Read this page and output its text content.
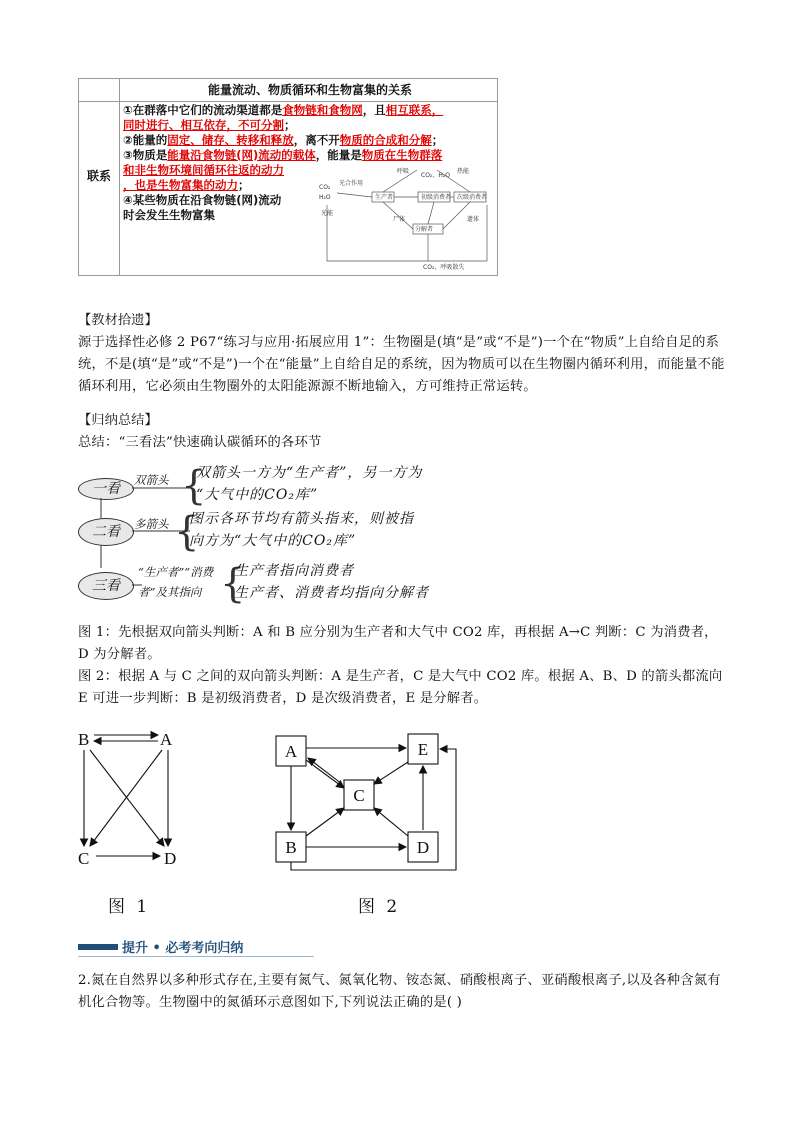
能量流动、物质循环和生物富集的关系
联系
①在群落中它们的流动渠道都是食物链和食物网，且相互联系，
同时进行、相互依存，不可分割；
②能量的固定、储存、转移和释放，离不开物质的合成和分解；
③物质是能量沿食物链(网)流动的载体，能量是物质在生物群落
和非生物环境间循环往返的动力
，也是生物富集的动力；
④某些物质在沿食物链(网)流动
时会发生生物富集
CO₂
H₂O
光合作用
光能
生产者	初级消费者 次级消费者
分解者
呼吸	热能
CO₂、H₂O
尸体	遗体
CO₂、呼吸散失
【教材拾遗】
源于选择性必修 2 P67“练习与应用·拓展应用 1”：生物圈是(填“是”或“不是”)一个在“物质”上自给自足的系统，不是(填“是”或“不是”)一个在“能量”上自给自足的系统，因为物质可以在生物圈内循环利用，而能量不能循环利用，它必须由生物圈外的太阳能源源不断地输入，方可维持正常运转。
【归纳总结】
总结：“三看法”快速确认碳循环的各环节
一看
双箭头 {
双箭头一方为“生产者”，另一方为
“大气中的CO₂库”
二看	多箭头 {
图示各环节均有箭头指来，则被指
向方为“大气中的CO₂库”
三看
“生产者”“消费
者”及其指向 {
生产者指向消费者
生产者、消费者均指向分解者
图 1：先根据双向箭头判断：A 和 B 应分别为生产者和大气中 CO2 库，再根据 A→C 判断：C 为消费者，D 为分解者。
图 2：根据 A 与 C 之间的双向箭头判断：A 是生产者，C 是大气中 CO2 库。根据 A、B、D 的箭头都流向 E 可进一步判断：B 是初级消费者，D 是次级消费者，E 是分解者。
B	A
C	D
图 1
A	E
C
B	D
图 2
提升 • 必考考向归纳
2.氮在自然界以多种形式存在,主要有氮气、氮氧化物、铵态氮、硝酸根离子、亚硝酸根离子,以及各种含氮有机化合物等。生物圈中的氮循环示意图如下,下列说法正确的是( )
